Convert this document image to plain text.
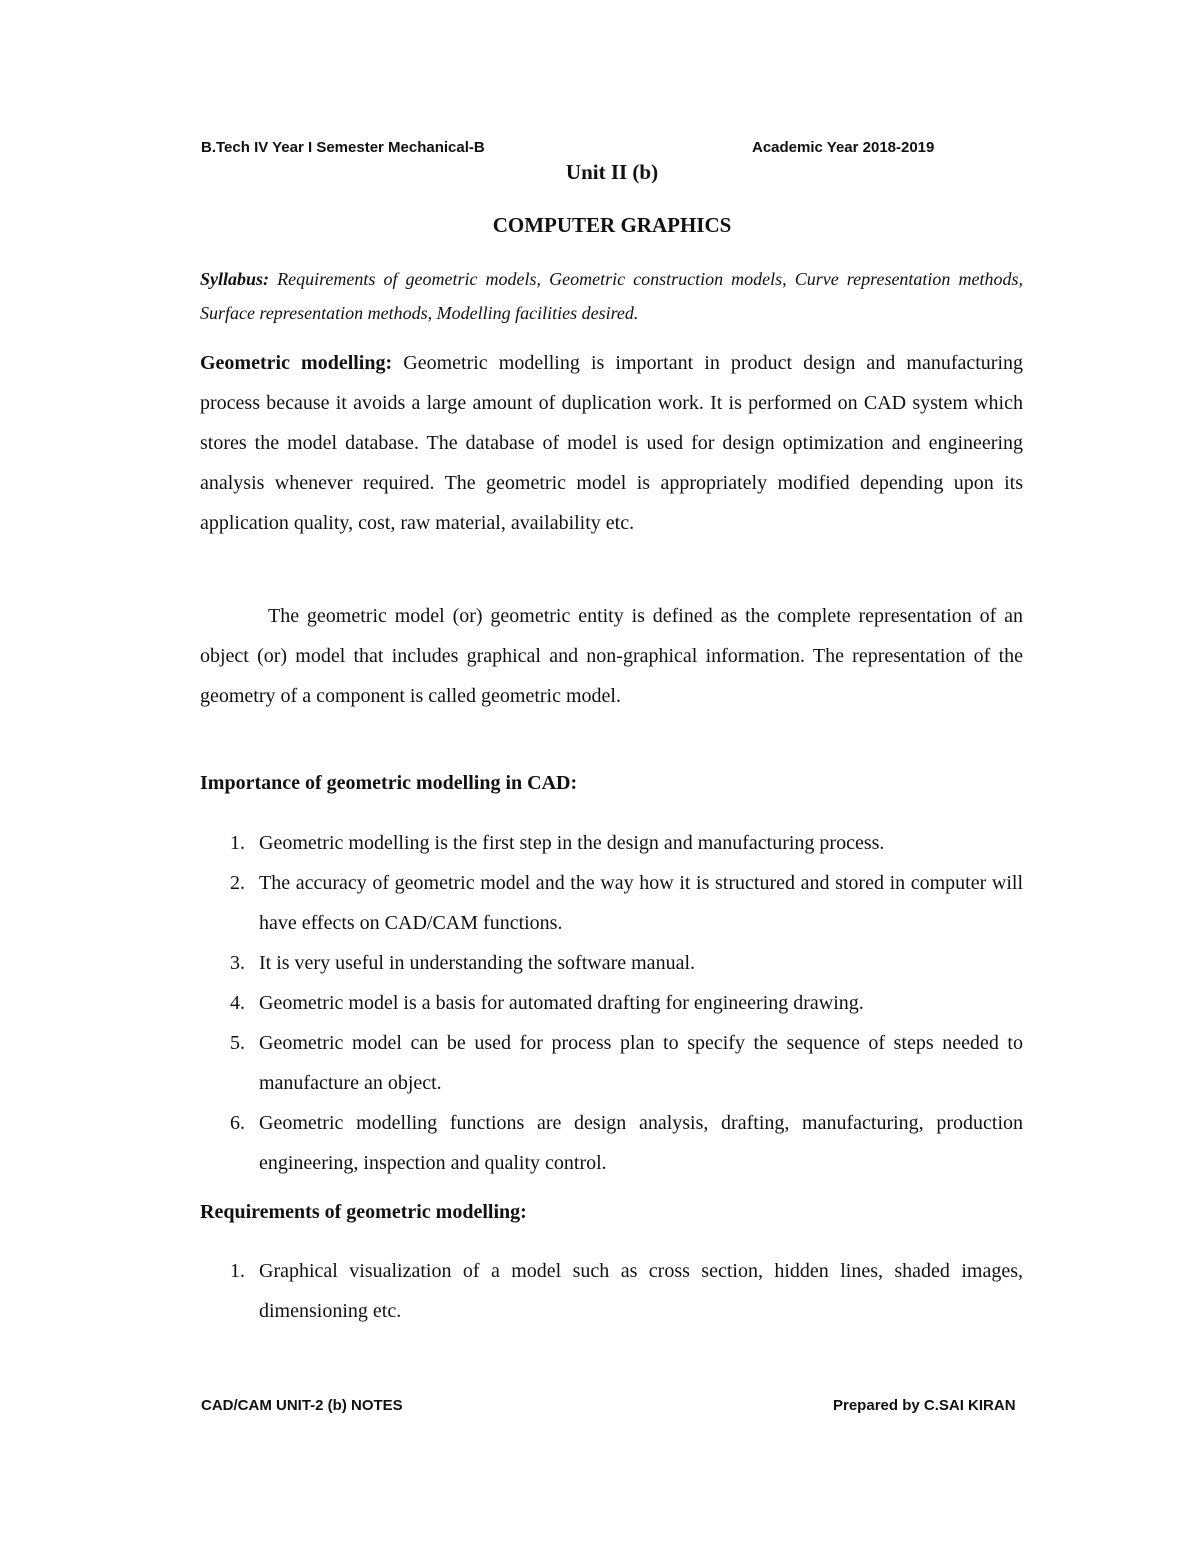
B.Tech IV Year I Semester Mechanical-B	Academic Year 2018-2019
Unit II (b)
COMPUTER GRAPHICS
Syllabus: Requirements of geometric models, Geometric construction models, Curve representation methods, Surface representation methods, Modelling facilities desired.
Geometric modelling: Geometric modelling is important in product design and manufacturing process because it avoids a large amount of duplication work. It is performed on CAD system which stores the model database. The database of model is used for design optimization and engineering analysis whenever required. The geometric model is appropriately modified depending upon its application quality, cost, raw material, availability etc.
The geometric model (or) geometric entity is defined as the complete representation of an object (or) model that includes graphical and non-graphical information. The representation of the geometry of a component is called geometric model.
Importance of geometric modelling in CAD:
1. Geometric modelling is the first step in the design and manufacturing process.
2. The accuracy of geometric model and the way how it is structured and stored in computer will have effects on CAD/CAM functions.
3. It is very useful in understanding the software manual.
4. Geometric model is a basis for automated drafting for engineering drawing.
5. Geometric model can be used for process plan to specify the sequence of steps needed to manufacture an object.
6. Geometric modelling functions are design analysis, drafting, manufacturing, production engineering, inspection and quality control.
Requirements of geometric modelling:
1. Graphical visualization of a model such as cross section, hidden lines, shaded images, dimensioning etc.
CAD/CAM UNIT-2 (b) NOTES	Prepared by C.SAI KIRAN
